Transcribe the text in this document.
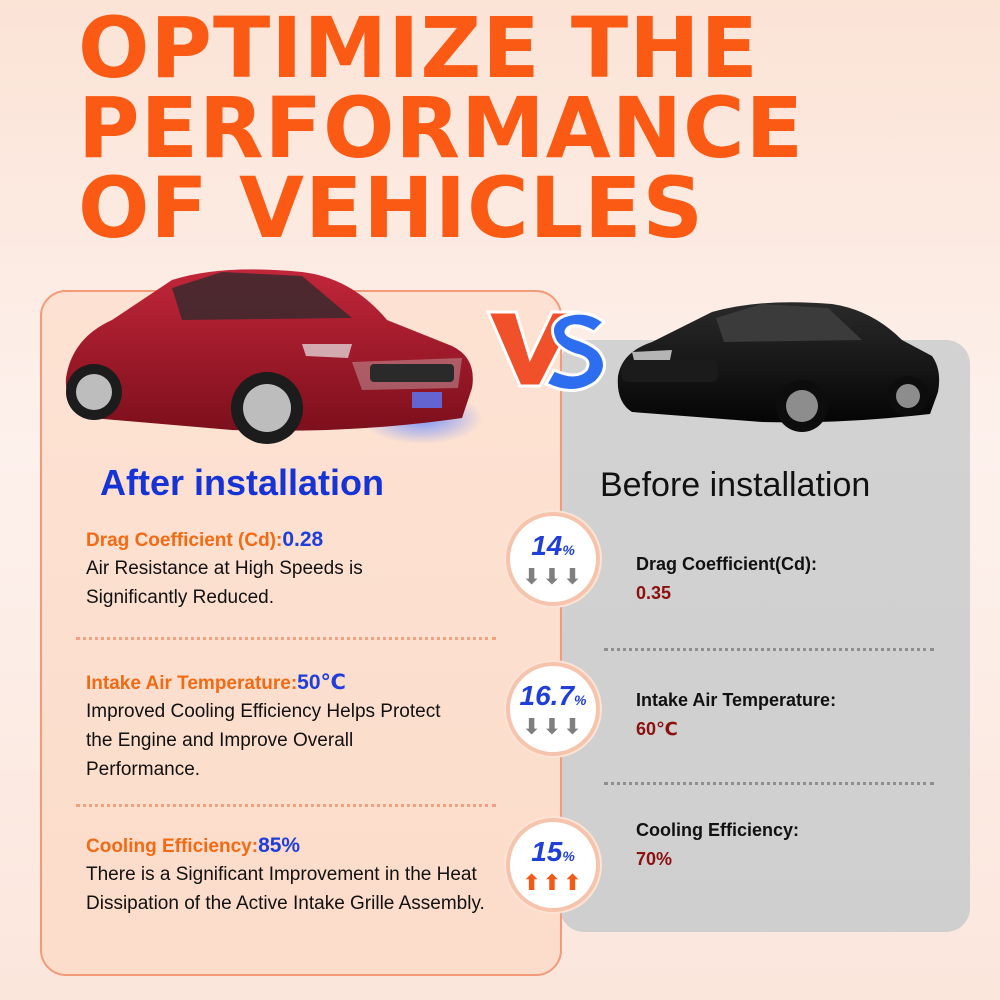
OPTIMIZE THE
PERFORMANCE
OF VEHICLES
After installation	Before installation
Drag Coefficient (Cd):0.28
Air Resistance at High Speeds is Significantly Reduced.
Intake Air Temperature:50℃
Improved Cooling Efficiency Helps Protect the Engine and Improve Overall Performance.
Cooling Efficiency:85%
There is a Significant Improvement in the Heat Dissipation of the Active Intake Grille Assembly.
14%
⬇⬇⬇
16.7%
⬇⬇⬇
15%
⬆⬆⬆
Drag Coefficient(Cd):
0.35
Intake Air Temperature:
60℃
Cooling Efficiency:
70%
